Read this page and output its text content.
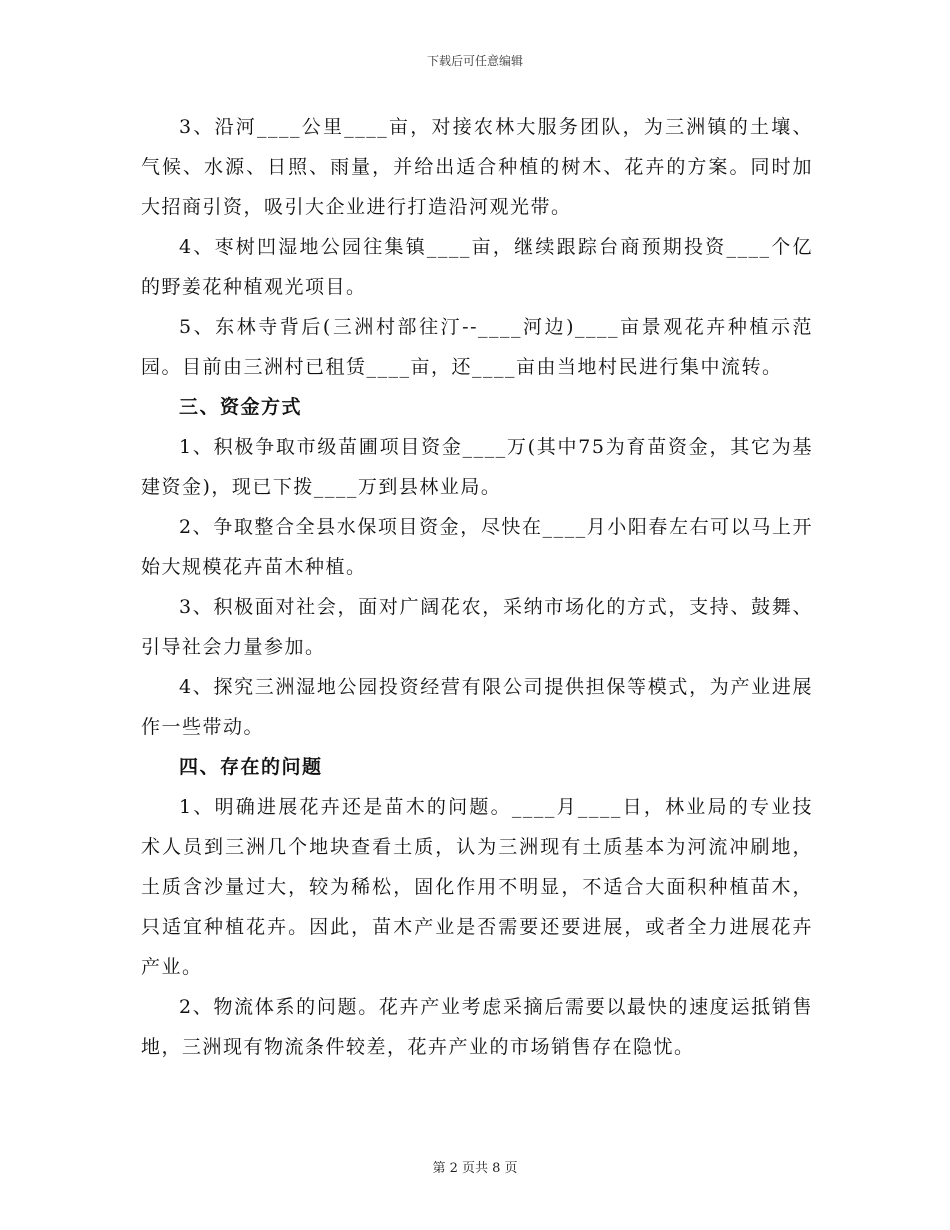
下载后可任意编辑

3、沿河____公里____亩，对接农林大服务团队，为三洲镇的土壤、气候、水源、日照、雨量，并给出适合种植的树木、花卉的方案。同时加大招商引资，吸引大企业进行打造沿河观光带。

4、枣树凹湿地公园往集镇____亩，继续跟踪台商预期投资____个亿的野姜花种植观光项目。

5、东林寺背后(三洲村部往汀--____河边)____亩景观花卉种植示范园。目前由三洲村已租赁____亩，还____亩由当地村民进行集中流转。

三、资金方式

1、积极争取市级苗圃项目资金____万(其中75为育苗资金，其它为基建资金)，现已下拨____万到县林业局。

2、争取整合全县水保项目资金，尽快在____月小阳春左右可以马上开始大规模花卉苗木种植。

3、积极面对社会，面对广阔花农，采纳市场化的方式，支持、鼓舞、引导社会力量参加。

4、探究三洲湿地公园投资经营有限公司提供担保等模式，为产业进展作一些带动。

四、存在的问题

1、明确进展花卉还是苗木的问题。____月____日，林业局的专业技术人员到三洲几个地块查看土质，认为三洲现有土质基本为河流冲刷地，土质含沙量过大，较为稀松，固化作用不明显，不适合大面积种植苗木，只适宜种植花卉。因此，苗木产业是否需要还要进展，或者全力进展花卉产业。

2、物流体系的问题。花卉产业考虑采摘后需要以最快的速度运抵销售地，三洲现有物流条件较差，花卉产业的市场销售存在隐忧。

第 2 页共 8 页
